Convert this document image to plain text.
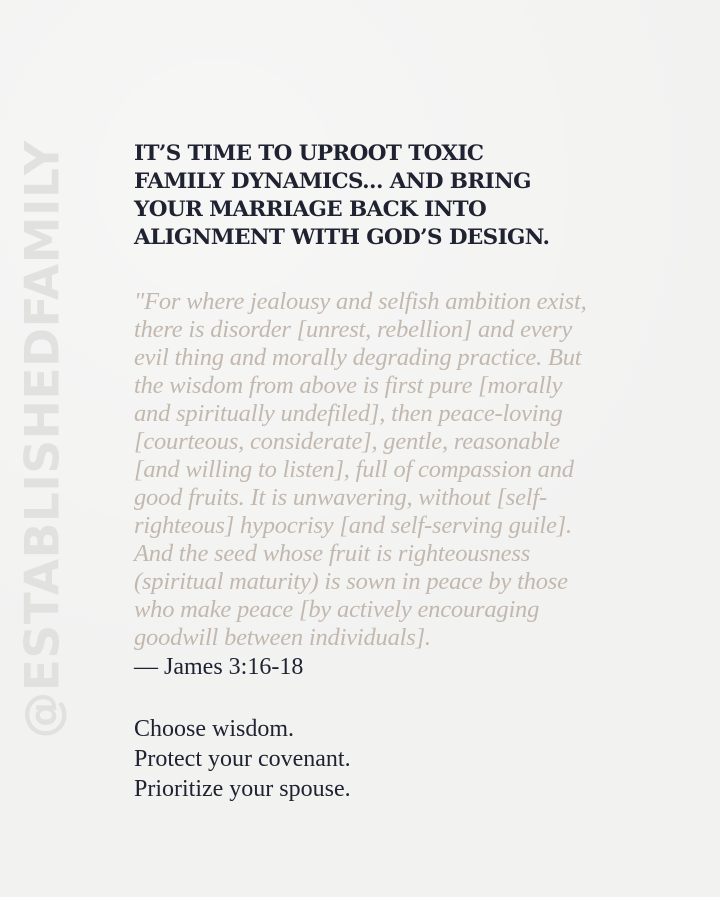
@ESTABLISHEDFAMILY	IT’S TIME TO UPROOT TOXIC
FAMILY DYNAMICS... AND BRING
YOUR MARRIAGE BACK INTO
ALIGNMENT WITH GOD’S DESIGN.
"For where jealousy and selfish ambition exist,
there is disorder [unrest, rebellion] and every
evil thing and morally degrading practice. But
the wisdom from above is first pure [morally
and spiritually undefiled], then peace-loving
[courteous, considerate], gentle, reasonable
[and willing to listen], full of compassion and
good fruits. It is unwavering, without [self-
righteous] hypocrisy [and self-serving guile].
And the seed whose fruit is righteousness
(spiritual maturity) is sown in peace by those
who make peace [by actively encouraging
goodwill between individuals].

— James 3:16-18

Choose wisdom.
Protect your covenant.
Prioritize your spouse.
